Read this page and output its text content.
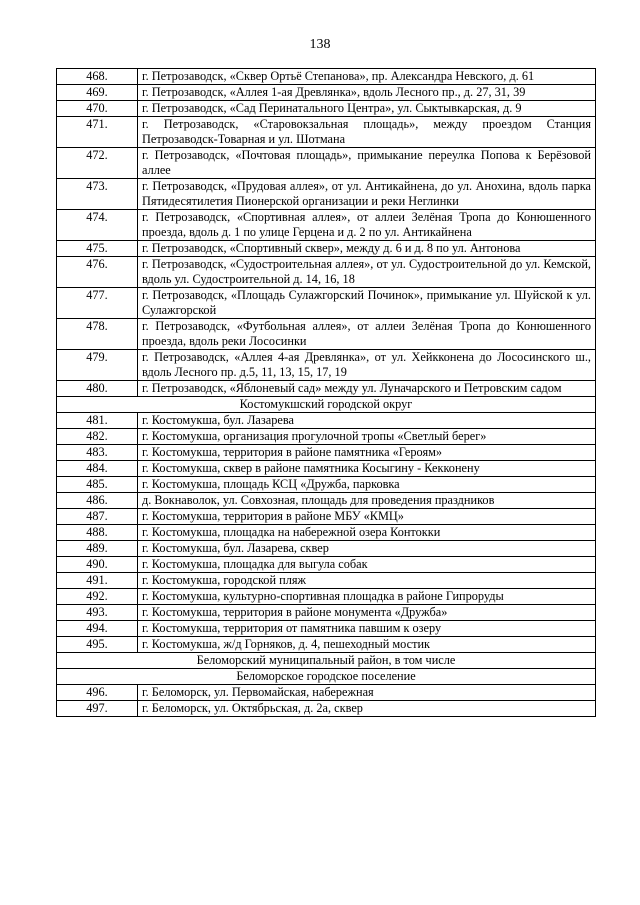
138
468.	г. Петрозаводск, «Сквер Ортьё Степанова», пр. Александра Невского, д. 61
469.	г. Петрозаводск, «Аллея 1-ая Древлянка», вдоль Лесного пр., д. 27, 31, 39
470.	г. Петрозаводск, «Сад Перинатального Центра», ул. Сыктывкарская, д. 9
471.	г. Петрозаводск, «Старовокзальная площадь», между проездом Станция Петрозаводск-Товарная и ул. Шотмана
472.	г. Петрозаводск, «Почтовая площадь», примыкание переулка Попова к Берёзовой аллее
473.	г. Петрозаводск, «Прудовая аллея», от ул. Антикайнена, до ул. Анохина, вдоль парка Пятидесятилетия Пионерской организации и реки Неглинки
474.	г. Петрозаводск, «Спортивная аллея», от аллеи Зелёная Тропа до Конюшенного проезда, вдоль д. 1 по улице Герцена и д. 2 по ул. Антикайнена
475.	г. Петрозаводск, «Спортивный сквер», между д. 6 и д. 8 по ул. Антонова
476.	г. Петрозаводск, «Судостроительная аллея», от ул. Судостроительной до ул. Кемской, вдоль ул. Судостроительной д. 14, 16, 18
477.	г. Петрозаводск, «Площадь Сулажгорский Починок», примыкание ул. Шуйской к ул. Сулажгорской
478.	г. Петрозаводск, «Футбольная аллея», от аллеи Зелёная Тропа до Конюшенного проезда, вдоль реки Лососинки
479.	г. Петрозаводск, «Аллея 4-ая Древлянка», от ул. Хейкконена до Лососинского ш., вдоль Лесного пр. д.5, 11, 13, 15, 17, 19
480.	г. Петрозаводск, «Яблоневый сад» между ул. Луначарского и Петровским садом
Костомукшский городской округ	
481.	г. Костомукша, бул. Лазарева
482.	г. Костомукша, организация прогулочной тропы «Светлый берег»
483.	г. Костомукша, территория в районе памятника «Героям»
484.	г. Костомукша, сквер в районе памятника Косыгину - Кекконену
485.	г. Костомукша, площадь КСЦ «Дружба, парковка
486.	д. Вокнаволок, ул. Совхозная, площадь для проведения праздников
487.	г. Костомукша, территория в районе МБУ «КМЦ»
488.	г. Костомукша, площадка на набережной озера Контокки
489.	г. Костомукша, бул. Лазарева, сквер
490.	г. Костомукша, площадка для выгула собак
491.	г. Костомукша, городской пляж
492.	г. Костомукша, культурно-спортивная площадка в районе Гипроруды
493.	г. Костомукша, территория в районе монумента «Дружба»
494.	г. Костомукша, территория от памятника павшим к озеру
495.	г. Костомукша, ж/д Горняков, д. 4, пешеходный мостик
Беломорский муниципальный район, в том числе	
Беломорское городское поселение	
496.	г. Беломорск, ул. Первомайская, набережная
497.	г. Беломорск, ул. Октябрьская, д. 2а, сквер
